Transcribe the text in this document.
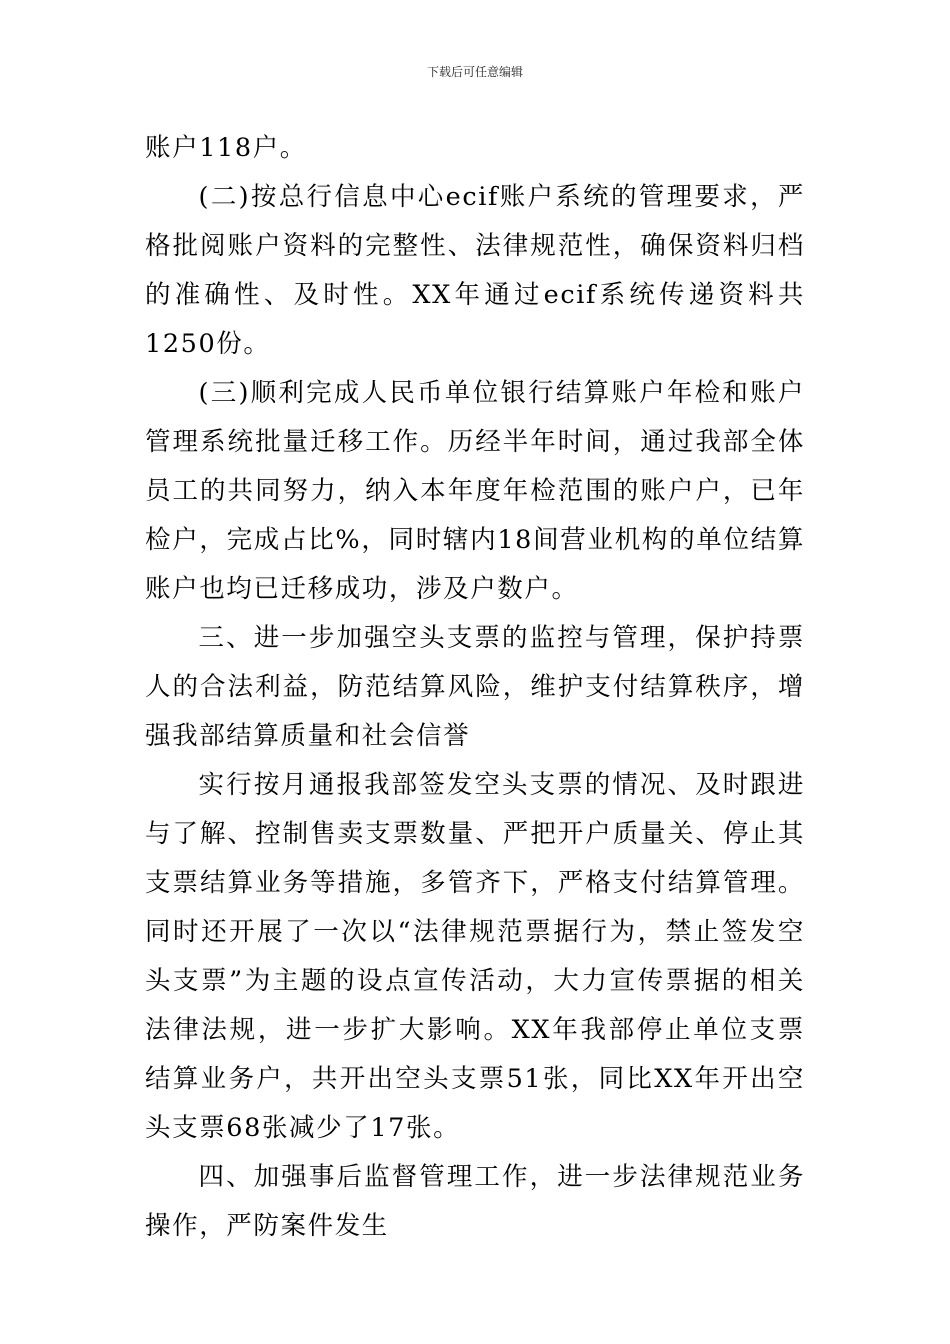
下载后可任意编辑

账户118户。

(二)按总行信息中心ecif账户系统的管理要求，严格批阅账户资料的完整性、法律规范性，确保资料归档的准确性、及时性。XX年通过ecif系统传递资料共1250份。

(三)顺利完成人民币单位银行结算账户年检和账户管理系统批量迁移工作。历经半年时间，通过我部全体员工的共同努力，纳入本年度年检范围的账户户，已年检户，完成占比%，同时辖内18间营业机构的单位结算账户也均已迁移成功，涉及户数户。

三、进一步加强空头支票的监控与管理，保护持票人的合法利益，防范结算风险，维护支付结算秩序，增强我部结算质量和社会信誉

实行按月通报我部签发空头支票的情况、及时跟进与了解、控制售卖支票数量、严把开户质量关、停止其支票结算业务等措施，多管齐下，严格支付结算管理。同时还开展了一次以“法律规范票据行为，禁止签发空头支票”为主题的设点宣传活动，大力宣传票据的相关法律法规，进一步扩大影响。XX年我部停止单位支票结算业务户，共开出空头支票51张，同比XX年开出空头支票68张减少了17张。

四、加强事后监督管理工作，进一步法律规范业务操作，严防案件发生
